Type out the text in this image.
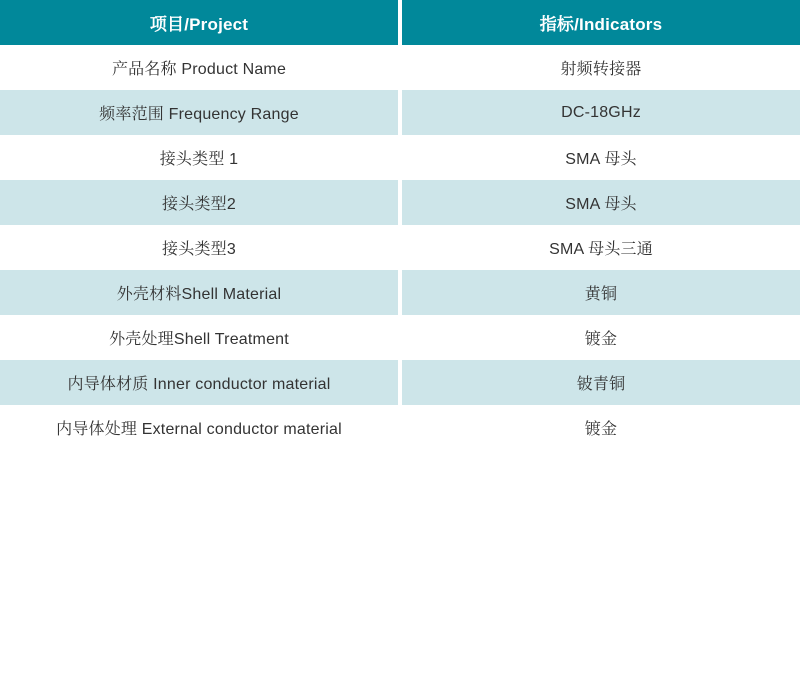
项目/Project	指标/Indicators
产品名称 Product Name	射频转接器
频率范围 Frequency Range	DC-18GHz
接头类型 1	SMA 母头
接头类型2	SMA 母头
接头类型3	SMA 母头三通
外壳材料Shell Material	黄铜
外壳处理Shell Treatment	镀金
内导体材质 Inner conductor material	铍青铜
内导体处理 External conductor material	镀金
